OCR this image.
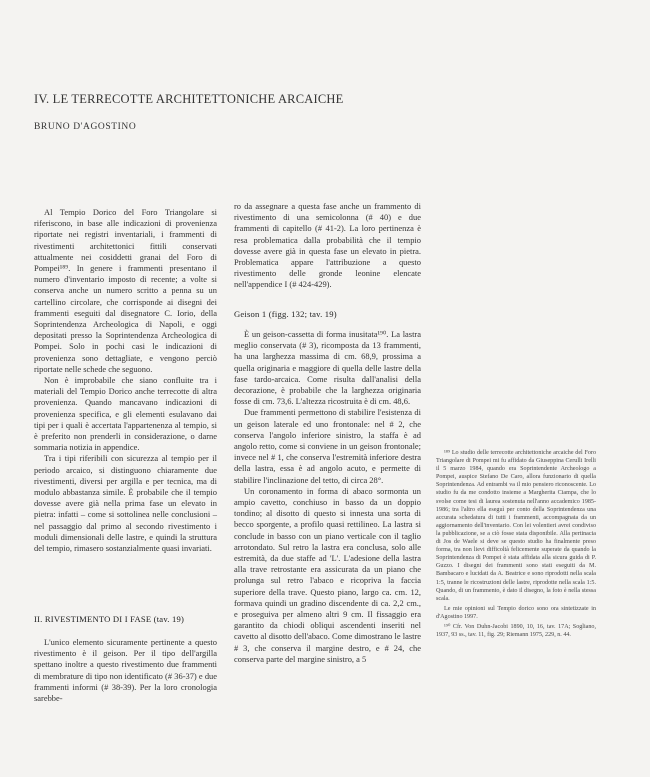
IV. LE TERRECOTTE ARCHITETTONICHE ARCAICHE
BRUNO D'AGOSTINO

Al Tempio Dorico del Foro Triangolare si riferiscono, in base alle indicazioni di provenienza riportate nei registri inventariali, i frammenti di rivestimenti architettonici fittili conservati attualmente nei cosiddetti granai del Foro di Pompei¹⁸⁹. In genere i frammenti presentano il numero d'inventario imposto di recente; a volte si conserva anche un numero scritto a penna su un cartellino circolare, che corrisponde ai disegni dei frammenti eseguiti dal disegnatore C. Iorio, della Soprintendenza Archeologica di Napoli, e oggi depositati presso la Soprintendenza Archeologica di Pompei. Solo in pochi casi le indicazioni di provenienza sono dettagliate, e vengono perciò riportate nelle schede che seguono.

Non è improbabile che siano confluite tra i materiali del Tempio Dorico anche terrecotte di altra provenienza. Quando mancavano indicazioni di provenienza specifica, e gli elementi esulavano dai tipi per i quali è accertata l'appartenenza al tempio, si è preferito non prenderli in considerazione, o darne sommaria notizia in appendice.

Tra i tipi riferibili con sicurezza al tempio per il periodo arcaico, si distinguono chiaramente due rivestimenti, diversi per argilla e per tecnica, ma di modulo abbastanza simile. È probabile che il tempio dovesse avere già nella prima fase un elevato in pietra: infatti – come si sottolinea nelle conclusioni – nel passaggio dal primo al secondo rivestimento i moduli dimensionali delle lastre, e quindi la struttura del tempio, rimasero sostanzialmente quasi invariati.

II. RIVESTIMENTO DI I FASE (tav. 19)

L'unico elemento sicuramente pertinente a questo rivestimento è il geison. Per il tipo dell'argilla spettano inoltre a questo rivestimento due frammenti di membrature di tipo non identificato (# 36-37) e due frammenti informi (# 38-39). Per la loro cronologia sarebbe-

ro da assegnare a questa fase anche un frammento di rivestimento di una semicolonna (# 40) e due frammenti di capitello (# 41-2). La loro pertinenza è resa problematica dalla probabilità che il tempio dovesse avere già in questa fase un elevato in pietra. Problematica appare l'attribuzione a questo rivestimento delle gronde leonine elencate nell'appendice I (# 424-429).

Geison 1 (figg. 132; tav. 19)

È un geison-cassetta di forma inusitata¹⁹⁰. La lastra meglio conservata (# 3), ricomposta da 13 frammenti, ha una larghezza massima di cm. 68,9, prossima a quella originaria e maggiore di quella delle lastre della fase tardo-arcaica. Come risulta dall'analisi della decorazione, è probabile che la larghezza originaria fosse di cm. 73,6. L'altezza ricostruita è di cm. 48,6.

Due frammenti permettono di stabilire l'esistenza di un geison laterale ed uno frontonale: nel # 2, che conserva l'angolo inferiore sinistro, la staffa è ad angolo retto, come si conviene in un geison frontonale; invece nel # 1, che conserva l'estremità inferiore destra della lastra, essa è ad angolo acuto, e permette di stabilire l'inclinazione del tetto, di circa 28°.

Un coronamento in forma di abaco sormonta un ampio cavetto, conchiuso in basso da un doppio tondino; al disotto di questo si innesta una sorta di becco sporgente, a profilo quasi rettilineo. La lastra si conclude in basso con un piano verticale con il taglio arrotondato. Sul retro la lastra era conclusa, solo alle estremità, da due staffe ad 'L'. L'adesione della lastra alla trave retrostante era assicurata da un piano che prolunga sul retro l'abaco e ricopriva la faccia superiore della trave. Questo piano, largo ca. cm. 12, formava quindi un gradino discendente di ca. 2,2 cm., e proseguiva per almeno altri 9 cm. Il fissaggio era garantito da chiodi obliqui ascendenti inseriti nel cavetto al disotto dell'abaco. Come dimostrano le lastre # 3, che conserva il margine destro, e # 24, che conserva parte del margine sinistro, a 5

¹⁸⁹ Lo studio delle terrecotte architettoniche arcaiche del Foro Triangolare di Pompei mi fu affidato da Giuseppina Cerulli Irelli il 5 marzo 1984, quando era Soprintendente Archeologo a Pompei, auspice Stefano De Caro, allora funzionario di quella Soprintendenza. Ad entrambi va il mio pensiero riconoscente. Lo studio fu da me condotto insieme a Margherita Ciampa, che lo svolse come tesi di laurea sostenuta nell'anno accademico 1985-1986; tra l'altro ella eseguì per conto della Soprintendenza una accurata schedatura di tutti i frammenti, accompagnata da un aggiornamento dell'inventario. Con lei volentieri avrei condiviso la pubblicazione, se a ciò fosse stata disponibile. Alla pertinacia di Jos de Waele si deve se questo studio ha finalmente preso forma, tra non lievi difficoltà felicemente superate da quando la Soprintendenza di Pompei è stata affidata alla sicura guida di P. Guzzo. I disegni dei frammenti sono stati eseguiti da M. Bambacaro e lucidati da A. Beatrice e sono riprodotti nella scala 1:5, tranne le ricostruzioni delle lastre, riprodotte nella scala 1:5. Quando, di un frammento, è dato il disegno, la foto è nella stessa scala.

Le mie opinioni sul Tempio dorico sono ora sintetizzate in d'Agostino 1997.

¹⁹⁰ Cfr. Von Duhn-Jacobi 1890, 10, 16, tav. 17A; Sogliano, 1937, 93 ss., tav. 11, fig. 29; Riemann 1975, 229, n. 44.
